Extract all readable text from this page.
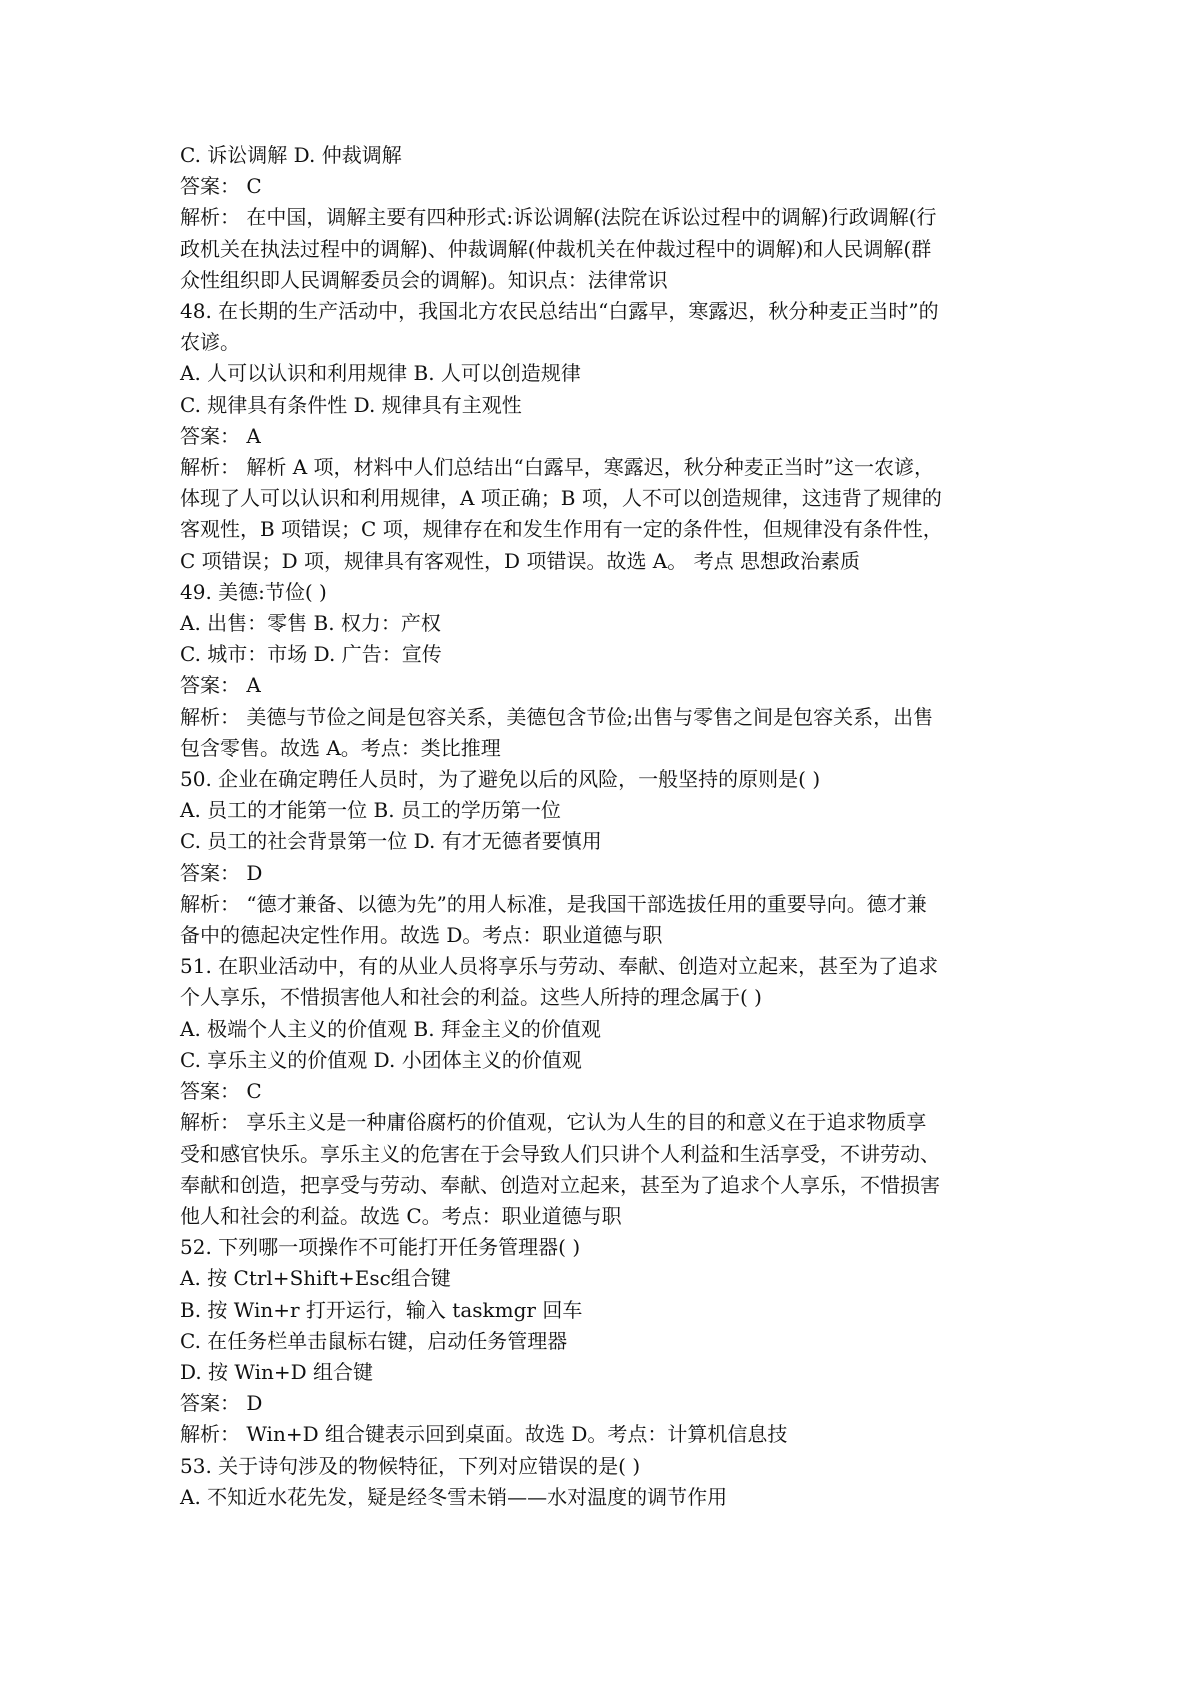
C. 诉讼调解 D. 仲裁调解
答案： C
解析： 在中国，调解主要有四种形式:诉讼调解(法院在诉讼过程中的调解)行政调解(行
政机关在执法过程中的调解)、仲裁调解(仲裁机关在仲裁过程中的调解)和人民调解(群
众性组织即人民调解委员会的调解)。知识点：法律常识
48. 在长期的生产活动中，我国北方农民总结出“白露早，寒露迟，秋分种麦正当时”的
农谚。
A. 人可以认识和利用规律 B. 人可以创造规律
C. 规律具有条件性 D. 规律具有主观性
答案： A
解析： 解析 A 项，材料中人们总结出“白露早，寒露迟，秋分种麦正当时”这一农谚，
体现了人可以认识和利用规律，A 项正确；B 项，人不可以创造规律，这违背了规律的
客观性，B 项错误；C 项，规律存在和发生作用有一定的条件性，但规律没有条件性，
C 项错误；D 项，规律具有客观性，D 项错误。故选 A。 考点 思想政治素质
49. 美德:节俭( )
A. 出售：零售 B. 权力：产权
C. 城市：市场 D. 广告：宣传
答案： A
解析： 美德与节俭之间是包容关系，美德包含节俭;出售与零售之间是包容关系，出售
包含零售。故选 A。考点：类比推理
50. 企业在确定聘任人员时，为了避免以后的风险，一般坚持的原则是( )
A. 员工的才能第一位 B. 员工的学历第一位
C. 员工的社会背景第一位 D. 有才无德者要慎用
答案： D
解析： “德才兼备、以德为先”的用人标准，是我国干部选拔任用的重要导向。德才兼
备中的德起决定性作用。故选 D。考点：职业道德与职
51. 在职业活动中，有的从业人员将享乐与劳动、奉献、创造对立起来，甚至为了追求
个人享乐，不惜损害他人和社会的利益。这些人所持的理念属于( )
A. 极端个人主义的价值观 B. 拜金主义的价值观
C. 享乐主义的价值观 D. 小团体主义的价值观
答案： C
解析： 享乐主义是一种庸俗腐朽的价值观，它认为人生的目的和意义在于追求物质享
受和感官快乐。享乐主义的危害在于会导致人们只讲个人利益和生活享受，不讲劳动、
奉献和创造，把享受与劳动、奉献、创造对立起来，甚至为了追求个人享乐，不惜损害
他人和社会的利益。故选 C。考点：职业道德与职
52. 下列哪一项操作不可能打开任务管理器( )
A. 按 Ctrl+Shift+Esc组合键
B. 按 Win+r 打开运行，输入 taskmgr 回车
C. 在任务栏单击鼠标右键，启动任务管理器
D. 按 Win+D 组合键
答案： D
解析： Win+D 组合键表示回到桌面。故选 D。考点：计算机信息技
53. 关于诗句涉及的物候特征，下列对应错误的是( )
A. 不知近水花先发，疑是经冬雪未销——水对温度的调节作用
